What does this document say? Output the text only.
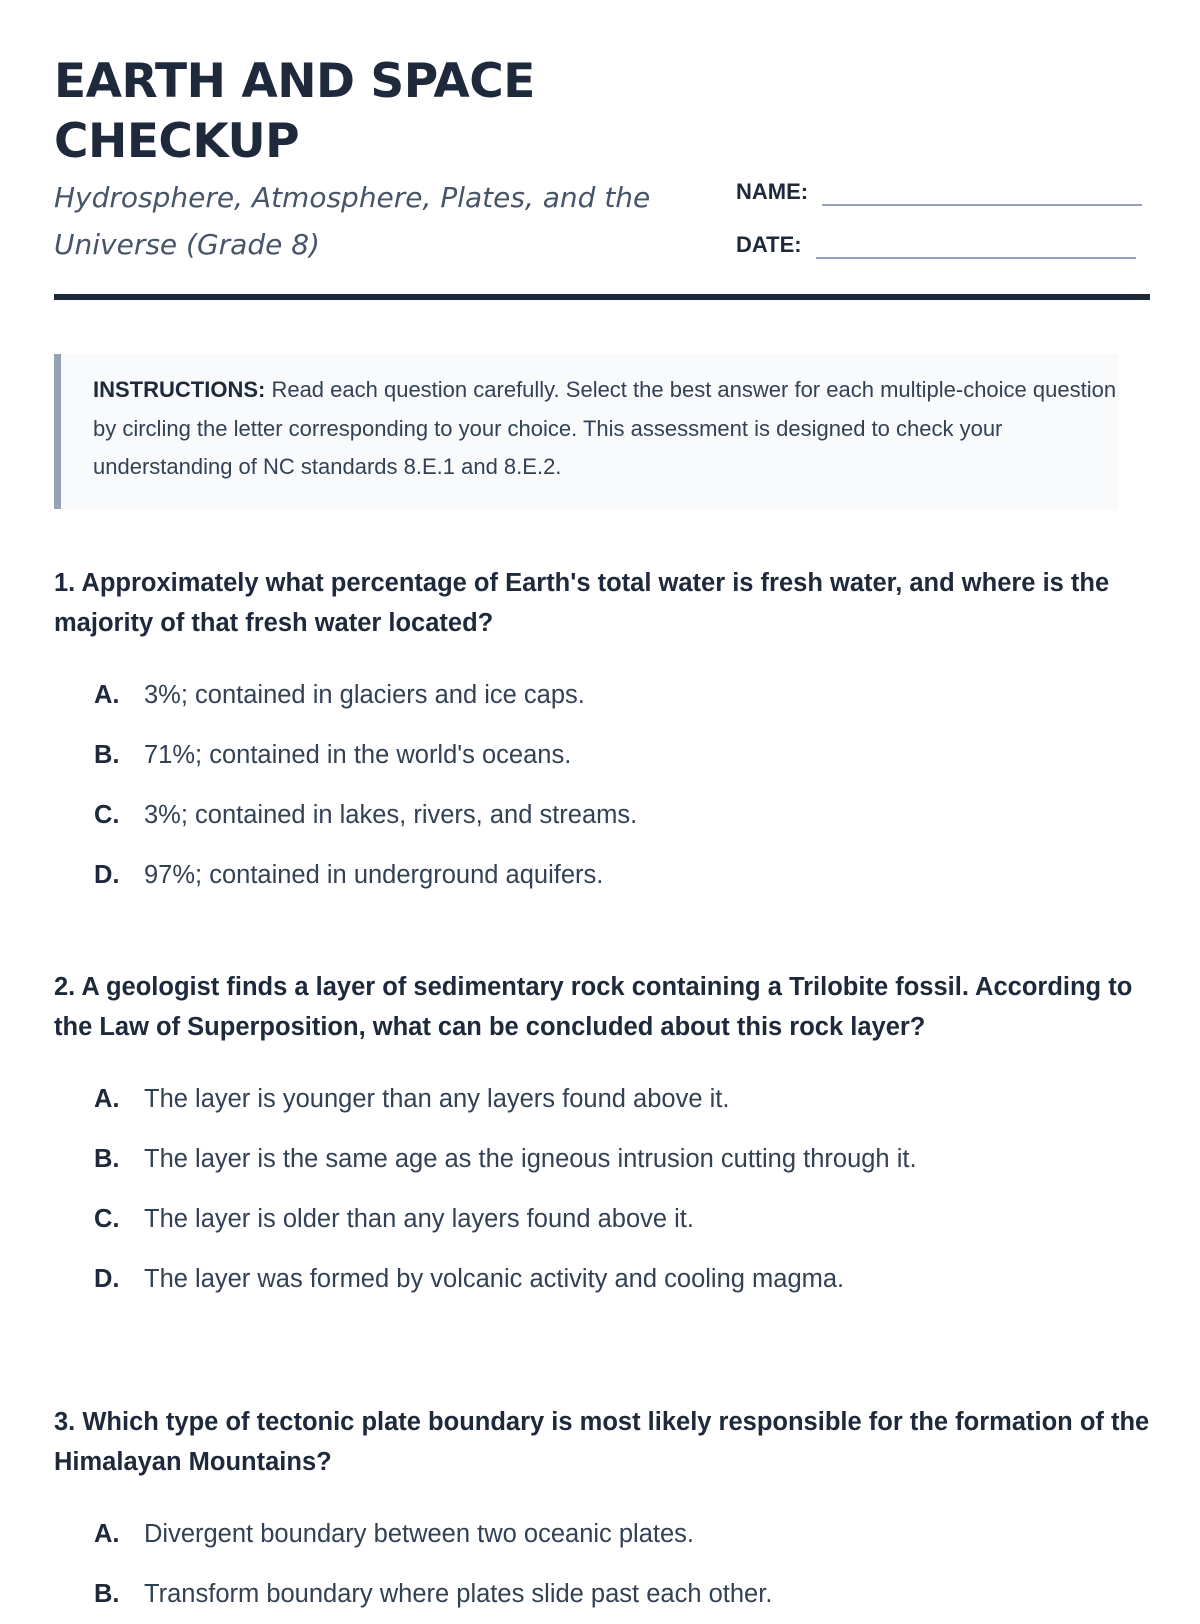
EARTH AND SPACE CHECKUP

Hydrosphere, Atmosphere, Plates, and the Universe (Grade 8)

NAME:
DATE:
INSTRUCTIONS: Read each question carefully. Select the best answer for each multiple-choice question by circling the letter corresponding to your choice. This assessment is designed to check your understanding of NC standards 8.E.1 and 8.E.2.

1. Approximately what percentage of Earth's total water is fresh water, and where is the majority of that fresh water located?

A. 3%; contained in glaciers and ice caps.
B. 71%; contained in the world's oceans.
C. 3%; contained in lakes, rivers, and streams.
D. 97%; contained in underground aquifers.

2. A geologist finds a layer of sedimentary rock containing a Trilobite fossil. According to the Law of Superposition, what can be concluded about this rock layer?

A. The layer is younger than any layers found above it.
B. The layer is the same age as the igneous intrusion cutting through it.
C. The layer is older than any layers found above it.
D. The layer was formed by volcanic activity and cooling magma.

3. Which type of tectonic plate boundary is most likely responsible for the formation of the Himalayan Mountains?

A. Divergent boundary between two oceanic plates.
B. Transform boundary where plates slide past each other.
